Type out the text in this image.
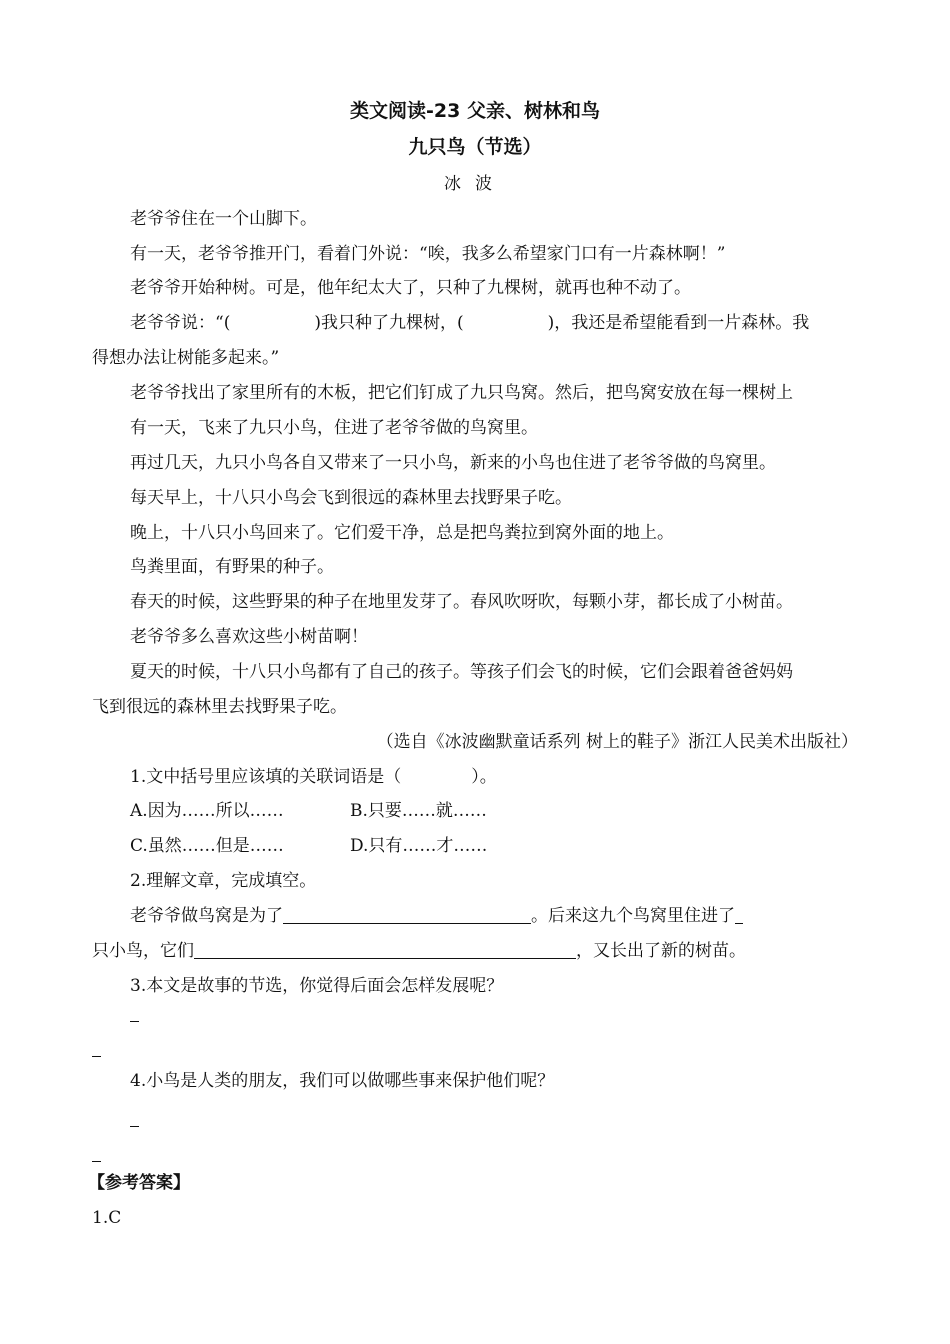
类文阅读-23 父亲、树林和鸟
九只鸟（节选）
冰波
老爷爷住在一个山脚下。
有一天，老爷爷推开门，看着门外说：“唉，我多么希望家门口有一片森林啊！”
老爷爷开始种树。可是，他年纪太大了，只种了九棵树，就再也种不动了。
老爷爷说：“(	)我只种了九棵树，(	)，我还是希望能看到一片森林。我
得想办法让树能多起来。”
老爷爷找出了家里所有的木板，把它们钉成了九只鸟窝。然后，把鸟窝安放在每一棵树上
有一天，飞来了九只小鸟，住进了老爷爷做的鸟窝里。
再过几天，九只小鸟各自又带来了一只小鸟，新来的小鸟也住进了老爷爷做的鸟窝里。
每天早上，十八只小鸟会飞到很远的森林里去找野果子吃。
晚上，十八只小鸟回来了。它们爱干净，总是把鸟粪拉到窝外面的地上。
鸟粪里面，有野果的种子。
春天的时候，这些野果的种子在地里发芽了。春风吹呀吹，每颗小芽，都长成了小树苗。
老爷爷多么喜欢这些小树苗啊！
夏天的时候，十八只小鸟都有了自己的孩子。等孩子们会飞的时候，它们会跟着爸爸妈妈
飞到很远的森林里去找野果子吃。
（选自《冰波幽默童话系列 树上的鞋子》浙江人民美术出版社）
1.文中括号里应该填的关联词语是（	）。
A.因为……所以……	B.只要……就……
C.虽然……但是……	D.只有……才……
2.理解文章，完成填空。
老爷爷做鸟窝是为了	。后来这九个鸟窝里住进了
只小鸟，它们	，又长出了新的树苗。
3.本文是故事的节选，你觉得后面会怎样发展呢？
4.小鸟是人类的朋友，我们可以做哪些事来保护他们呢？
【参考答案】
1.C
